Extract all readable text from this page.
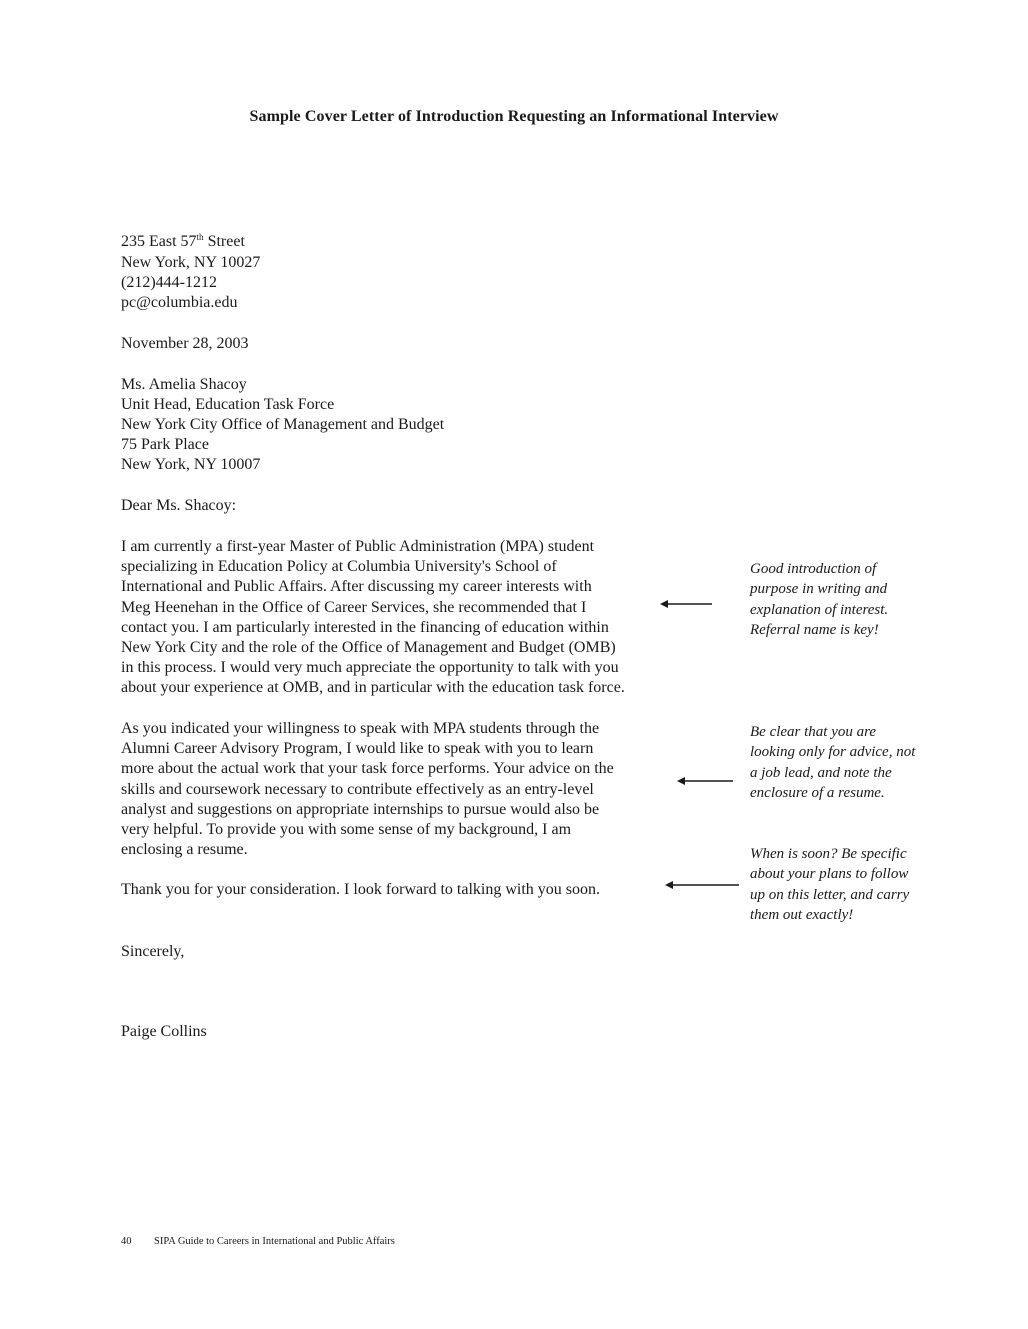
Sample Cover Letter of Introduction Requesting an Informational Interview
235 East 57th Street
New York, NY 10027
(212)444-1212
pc@columbia.edu
November 28, 2003
Ms. Amelia Shacoy
Unit Head, Education Task Force
New York City Office of Management and Budget
75 Park Place
New York, NY 10007
Dear Ms. Shacoy:
I am currently a first-year Master of Public Administration (MPA) student
specializing in Education Policy at Columbia University's School of
International and Public Affairs. After discussing my career interests with
Meg Heenehan in the Office of Career Services, she recommended that I
contact you. I am particularly interested in the financing of education within
New York City and the role of the Office of Management and Budget (OMB)
in this process. I would very much appreciate the opportunity to talk with you
about your experience at OMB, and in particular with the education task force.
As you indicated your willingness to speak with MPA students through the
Alumni Career Advisory Program, I would like to speak with you to learn
more about the actual work that your task force performs. Your advice on the
skills and coursework necessary to contribute effectively as an entry-level
analyst and suggestions on appropriate internships to pursue would also be
very helpful. To provide you with some sense of my background, I am
enclosing a resume.
Thank you for your consideration. I look forward to talking with you soon.
Sincerely,
Paige Collins
Good introduction of
purpose in writing and
explanation of interest.
Referral name is key!
Be clear that you are
looking only for advice, not
a job lead, and note the
enclosure of a resume.
When is soon? Be specific
about your plans to follow
up on this letter, and carry
them out exactly!
40 SIPA Guide to Careers in International and Public Affairs
